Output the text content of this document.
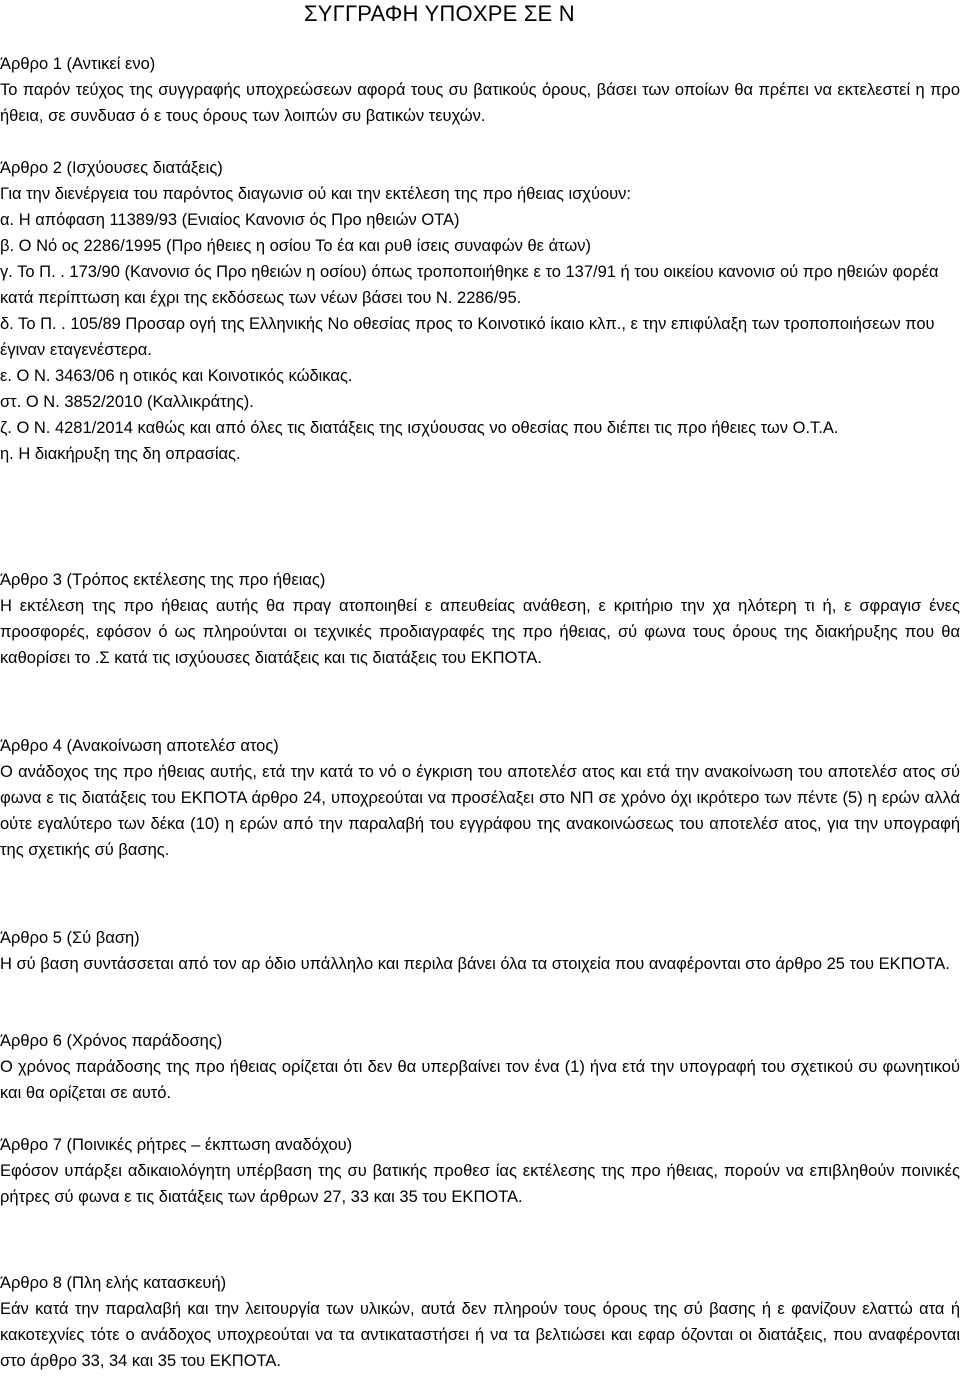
ΣΥΓΓΡΑΦΗ ΥΠΟΧΡΕ ΣΕ Ν
Άρθρο 1 (Αντικεί ενο)

Το παρόν τεύχος της συγγραφής υποχρεώσεων αφορά τους συ βατικούς όρους, βάσει των οποίων θα πρέπει να εκτελεστεί η προ ήθεια, σε συνδυασ ό ε τους όρους των λοιπών συ βατικών τευχών.

Άρθρο 2 (Ισχύουσες διατάξεις)

Για την διενέργεια του παρόντος διαγωνισ ού και την εκτέλεση της προ ήθειας ισχύουν:

α. Η απόφαση 11389/93 (Ενιαίος Κανονισ ός Προ ηθειών ΟΤΑ)

β. Ο Νό ος 2286/1995 (Προ ήθειες η οσίου Το έα και ρυθ ίσεις συναφών θε άτων)

γ. Το Π. . 173/90 (Κανονισ ός Προ ηθειών η οσίου) όπως τροποποιήθηκε ε το 137/91 ή του οικείου κανονισ ού προ ηθειών φορέα κατά περίπτωση και έχρι της εκδόσεως των νέων βάσει του Ν. 2286/95.

δ. Το Π. . 105/89 Προσαρ ογή της Ελληνικής Νο οθεσίας προς το Κοινοτικό ίκαιο κλπ., ε την επιφύλαξη των τροποποιήσεων που έγιναν εταγενέστερα.

ε. Ο Ν. 3463/06 η οτικός και Κοινοτικός κώδικας.

στ. Ο Ν. 3852/2010 (Καλλικράτης).

ζ. Ο Ν. 4281/2014 καθώς και από όλες τις διατάξεις της ισχύουσας νο οθεσίας που διέπει τις προ ήθειες των Ο.Τ.Α.

η. Η διακήρυξη της δη οπρασίας.

Άρθρο 3 (Τρόπος εκτέλεσης της προ ήθειας)

Η εκτέλεση της προ ήθειας αυτής θα πραγ ατοποιηθεί ε απευθείας ανάθεση, ε κριτήριο την χα ηλότερη τι ή, ε σφραγισ ένες προσφορές, εφόσον ό ως πληρούνται οι τεχνικές προδιαγραφές της προ ήθειας, σύ φωνα τους όρους της διακήρυξης που θα καθορίσει το .Σ κατά τις ισχύουσες διατάξεις και τις διατάξεις του ΕΚΠΟΤΑ.

Άρθρο 4 (Ανακοίνωση αποτελέσ ατος)

Ο ανάδοχος της προ ήθειας αυτής, ετά την κατά το νό ο έγκριση του αποτελέσ ατος και ετά την ανακοίνωση του αποτελέσ ατος σύ φωνα ε τις διατάξεις του ΕΚΠΟΤΑ άρθρο 24, υποχρεούται να προσέλαξει στο ΝΠ σε χρόνο όχι ικρότερο των πέντε (5) η ερών αλλά ούτε εγαλύτερο των δέκα (10) η ερών από την παραλαβή του εγγράφου της ανακοινώσεως του αποτελέσ ατος, για την υπογραφή της σχετικής σύ βασης.

Άρθρο 5 (Σύ βαση)

Η σύ βαση συντάσσεται από τον αρ όδιο υπάλληλο και περιλα βάνει όλα τα στοιχεία που αναφέρονται στο άρθρο 25 του ΕΚΠΟΤΑ.

Άρθρο 6 (Χρόνος παράδοσης)

Ο χρόνος παράδοσης της προ ήθειας ορίζεται ότι δεν θα υπερβαίνει τον ένα (1) ήνα ετά την υπογραφή του σχετικού συ φωνητικού και θα ορίζεται σε αυτό.

Άρθρο 7 (Ποινικές ρήτρες – έκπτωση αναδόχου)

Εφόσον υπάρξει αδικαιολόγητη υπέρβαση της συ βατικής προθεσ ίας εκτέλεσης της προ ήθειας, πορούν να επιβληθούν ποινικές ρήτρες σύ φωνα ε τις διατάξεις των άρθρων 27, 33 και 35 του ΕΚΠΟΤΑ.

Άρθρο 8 (Πλη ελής κατασκευή)

Εάν κατά την παραλαβή και την λειτουργία των υλικών, αυτά δεν πληρούν τους όρους της σύ βασης ή ε φανίζουν ελαττώ ατα ή κακοτεχνίες τότε ο ανάδοχος υποχρεούται να τα αντικαταστήσει ή να τα βελτιώσει και εφαρ όζονται οι διατάξεις, που αναφέρονται στο άρθρο 33, 34 και 35 του ΕΚΠΟΤΑ.
